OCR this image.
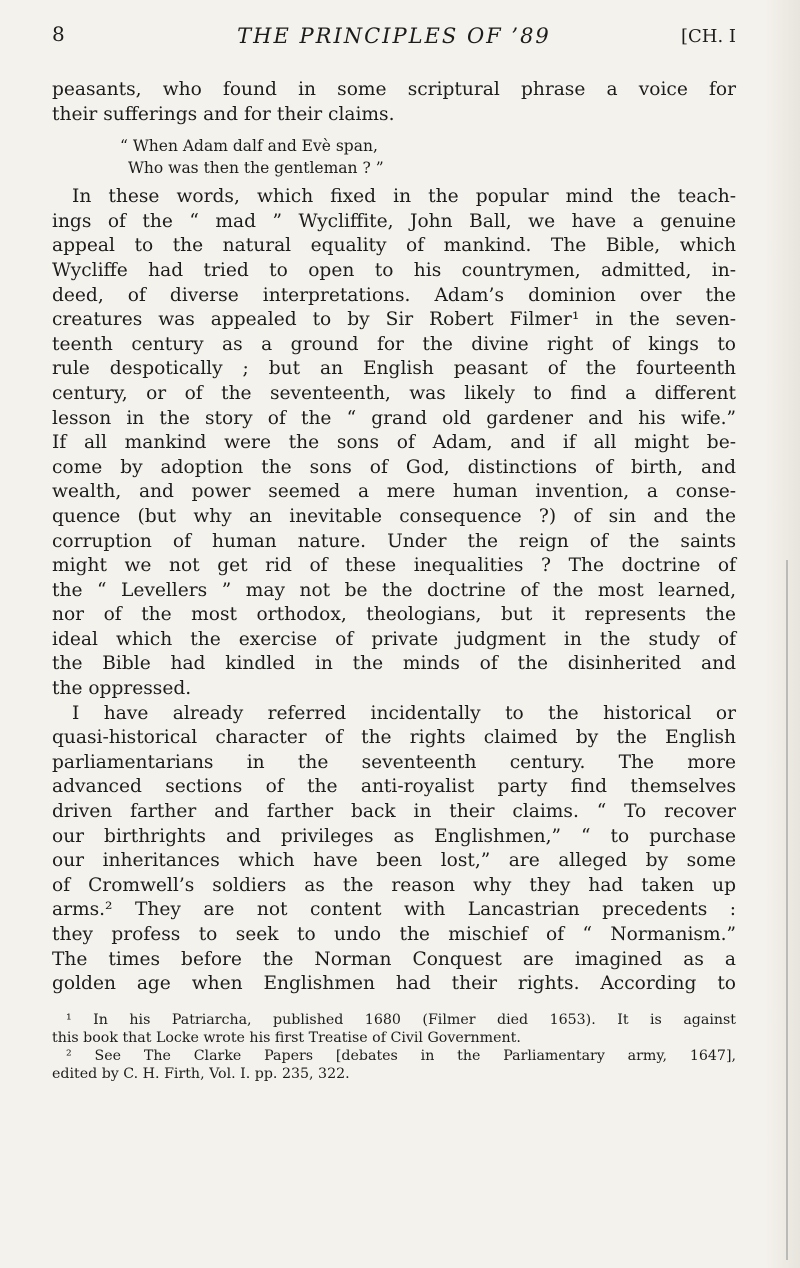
8	THE PRINCIPLES OF ’89	[CH. I
peasants, who found in some scriptural phrase a voice for
their sufferings and for their claims.
“ When Adam dalf and Evè span,
Who was then the gentleman ? ”
In these words, which fixed in the popular mind the teach-
ings of the “ mad ” Wycliffite, John Ball, we have a genuine
appeal to the natural equality of mankind. The Bible, which
Wycliffe had tried to open to his countrymen, admitted, in-
deed, of diverse interpretations. Adam’s dominion over the
creatures was appealed to by Sir Robert Filmer¹ in the seven-
teenth century as a ground for the divine right of kings to
rule despotically ; but an English peasant of the fourteenth
century, or of the seventeenth, was likely to find a different
lesson in the story of the “ grand old gardener and his wife.”
If all mankind were the sons of Adam, and if all might be-
come by adoption the sons of God, distinctions of birth, and
wealth, and power seemed a mere human invention, a conse-
quence (but why an inevitable consequence ?) of sin and the
corruption of human nature. Under the reign of the saints
might we not get rid of these inequalities ? The doctrine of
the “ Levellers ” may not be the doctrine of the most learned,
nor of the most orthodox, theologians, but it represents the
ideal which the exercise of private judgment in the study of
the Bible had kindled in the minds of the disinherited and
the oppressed.
I have already referred incidentally to the historical or
quasi-historical character of the rights claimed by the English
parliamentarians in the seventeenth century. The more
advanced sections of the anti-royalist party find themselves
driven farther and farther back in their claims. “ To recover
our birthrights and privileges as Englishmen,” “ to purchase
our inheritances which have been lost,” are alleged by some
of Cromwell’s soldiers as the reason why they had taken up
arms.² They are not content with Lancastrian precedents :
they profess to seek to undo the mischief of “ Normanism.”
The times before the Norman Conquest are imagined as a
golden age when Englishmen had their rights. According to
¹ In his Patriarcha, published 1680 (Filmer died 1653). It is against
this book that Locke wrote his first Treatise of Civil Government.
² See The Clarke Papers [debates in the Parliamentary army, 1647],
edited by C. H. Firth, Vol. I. pp. 235, 322.
